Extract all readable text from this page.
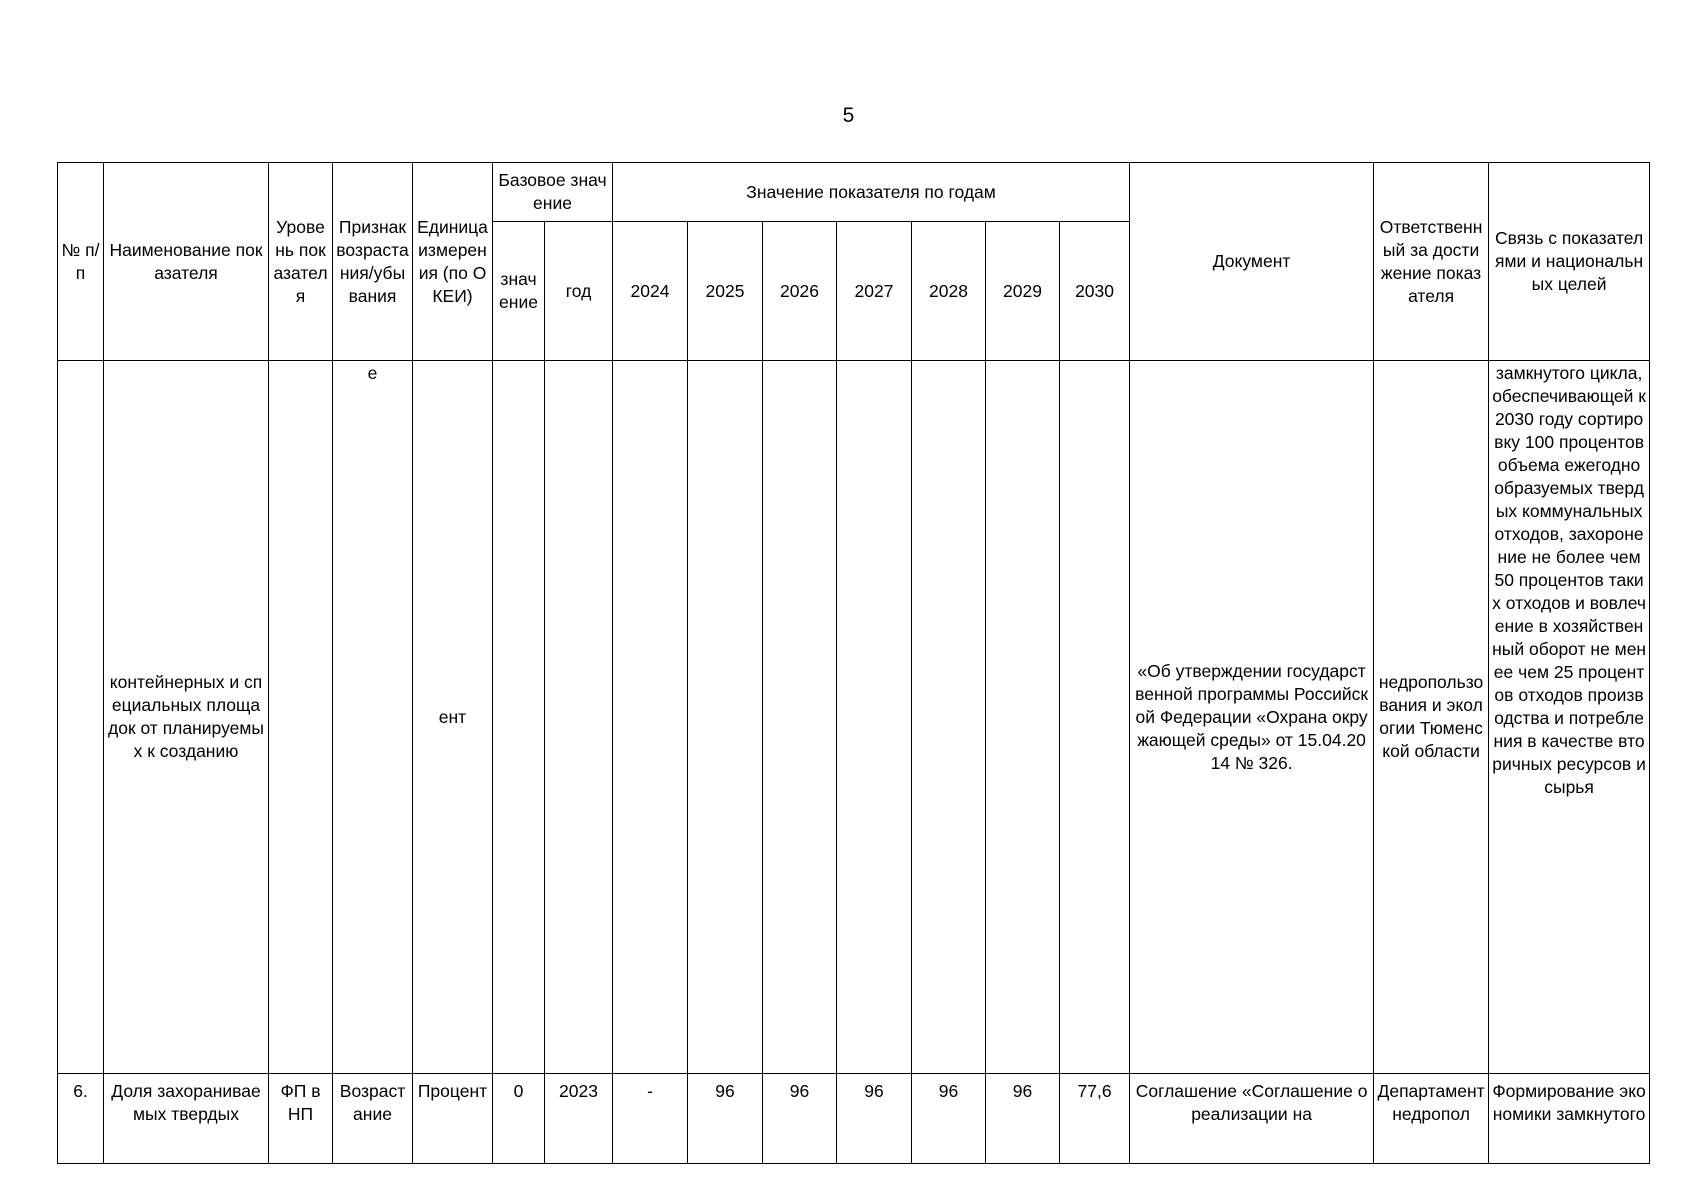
5
№ п/п	Наименование показателя	Уровень показателя	Признак возрастания/убывания	Единица измерения (по ОКЕИ)	Базовое значение		Значение показателя по годам							Документ	Ответственный за достижение показателя	Связь с показателями и национальных целей
					значение	год	2024	2025	2026	2027	2028	2029	2030			
	контейнерных и специальных площадок от планируемых к созданию		е	ент										«Об утверждении государственной программы Российской Федерации «Охрана окружающей среды» от 15.04.2014 № 326.	недропользования и экологии Тюменской области	замкнутого цикла, обеспечивающей к 2030 году сортировку 100 процентов объема ежегодно образуемых твердых коммунальных отходов, захоронение не более чем 50 процентов таких отходов и вовлечение в хозяйственный оборот не менее чем 25 процентов отходов производства и потребления в качестве вторичных ресурсов и сырья
6.	Доля захораниваемых твердых	ФП в НП	Возрастание	Процент	0	2023	-	96	96	96	96	96	77,6	Соглашение «Соглашение о реализации на	Департамент недропол	Формирование экономики замкнутого
